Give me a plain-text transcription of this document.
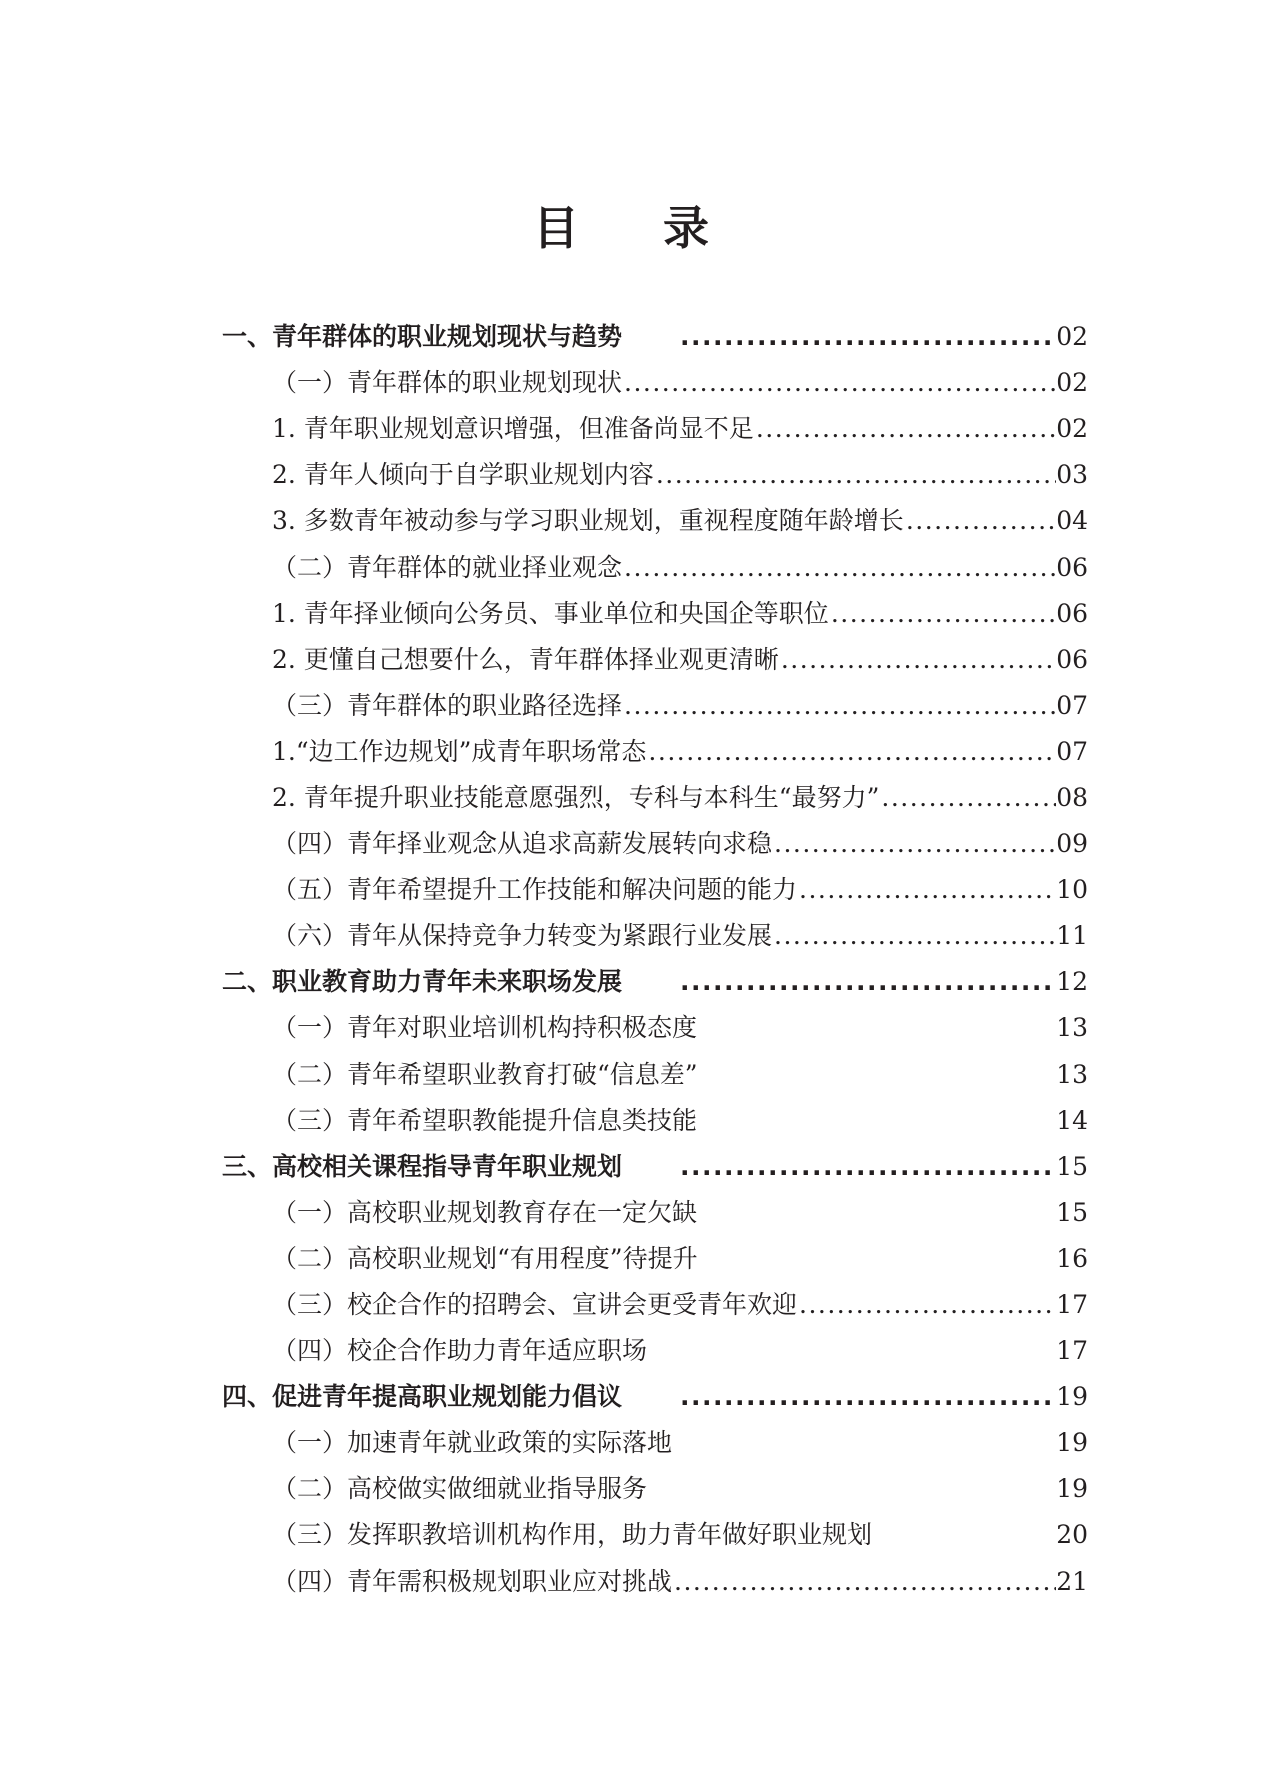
目 录
一、青年群体的职业规划现状与趋势 .....	02
（一）青年群体的职业规划现状 .....	02
1. 青年职业规划意识增强，但准备尚显不足 .....	02
2. 青年人倾向于自学职业规划内容 .....	03
3. 多数青年被动参与学习职业规划，重视程度随年龄增长 .....	04
（二）青年群体的就业择业观念 .....	06
1. 青年择业倾向公务员、事业单位和央国企等职位 .....	06
2. 更懂自己想要什么，青年群体择业观更清晰 .....	06
（三）青年群体的职业路径选择 .....	07
1.“边工作边规划”成青年职场常态 .....	07
2. 青年提升职业技能意愿强烈，专科与本科生“最努力” .....	08
（四）青年择业观念从追求高薪发展转向求稳 .....	09
（五）青年希望提升工作技能和解决问题的能力 .....	10
（六）青年从保持竞争力转变为紧跟行业发展 .....	11
二、职业教育助力青年未来职场发展 .....	12
（一）青年对职业培训机构持积极态度	13
（二）青年希望职业教育打破“信息差”	13
（三）青年希望职教能提升信息类技能	14
三、高校相关课程指导青年职业规划 .....	15
（一）高校职业规划教育存在一定欠缺	15
（二）高校职业规划“有用程度”待提升	16
（三）校企合作的招聘会、宣讲会更受青年欢迎 .....	17
（四）校企合作助力青年适应职场	17
四、促进青年提高职业规划能力倡议 .....	19
（一）加速青年就业政策的实际落地	19
（二）高校做实做细就业指导服务	19
（三）发挥职教培训机构作用，助力青年做好职业规划	20
（四）青年需积极规划职业应对挑战 .....	21
